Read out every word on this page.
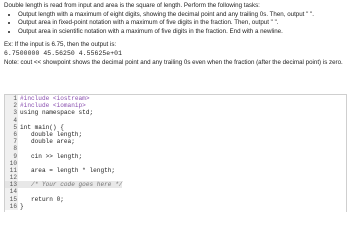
Double length is read from input and area is the square of length. Perform the following tasks:

• Output length with a maximum of eight digits, showing the decimal point and any trailing 0s. Then, output " ".
• Output area in fixed-point notation with a maximum of five digits in the fraction. Then, output " ".
• Output area in scientific notation with a maximum of five digits in the fraction. End with a newline.

Ex: If the input is 6.75, then the output is:

6.7500000 45.56250 4.55625e+01

Note: cout << showpoint shows the decimal point and any trailing 0s even when the fraction (after the decimal point) is zero.

1 #include <iostream>
2 #include <iomanip>
3 using namespace std;
4
5 int main() {
6 double length;
7 double area;
8
9 cin >> length;
10
11 area = length * length;
12
13 /* Your code goes here */
14
15 return 0;
16 }
